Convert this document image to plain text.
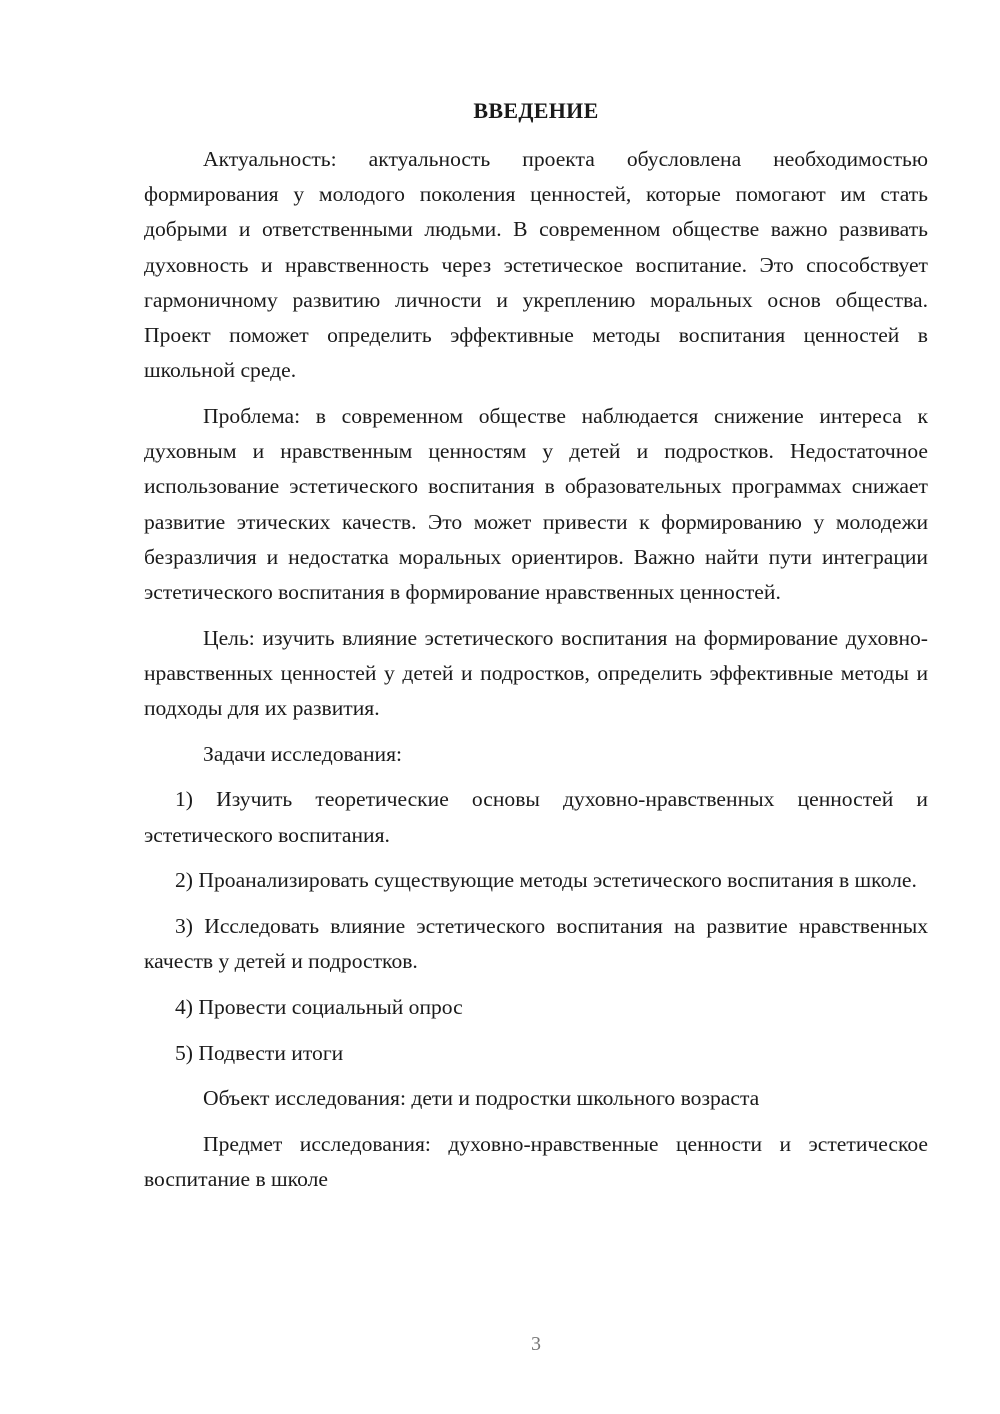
ВВЕДЕНИЕ

Актуальность: актуальность проекта обусловлена необходимостью формирования у молодого поколения ценностей, которые помогают им стать добрыми и ответственными людьми. В современном обществе важно развивать духовность и нравственность через эстетическое воспитание. Это способствует гармоничному развитию личности и укреплению моральных основ общества. Проект поможет определить эффективные методы воспитания ценностей в школьной среде.

Проблема: в современном обществе наблюдается снижение интереса к духовным и нравственным ценностям у детей и подростков. Недостаточное использование эстетического воспитания в образовательных программах снижает развитие этических качеств. Это может привести к формированию у молодежи безразличия и недостатка моральных ориентиров. Важно найти пути интеграции эстетического воспитания в формирование нравственных ценностей.

Цель: изучить влияние эстетического воспитания на формирование духовно-нравственных ценностей у детей и подростков, определить эффективные методы и подходы для их развития.

Задачи исследования:

1) Изучить теоретические основы духовно-нравственных ценностей и эстетического воспитания.

2) Проанализировать существующие методы эстетического воспитания в школе.

3) Исследовать влияние эстетического воспитания на развитие нравственных качеств у детей и подростков.

4) Провести социальный опрос

5) Подвести итоги

Объект исследования: дети и подростки школьного возраста

Предмет исследования: духовно-нравственные ценности и эстетическое воспитание в школе

3
